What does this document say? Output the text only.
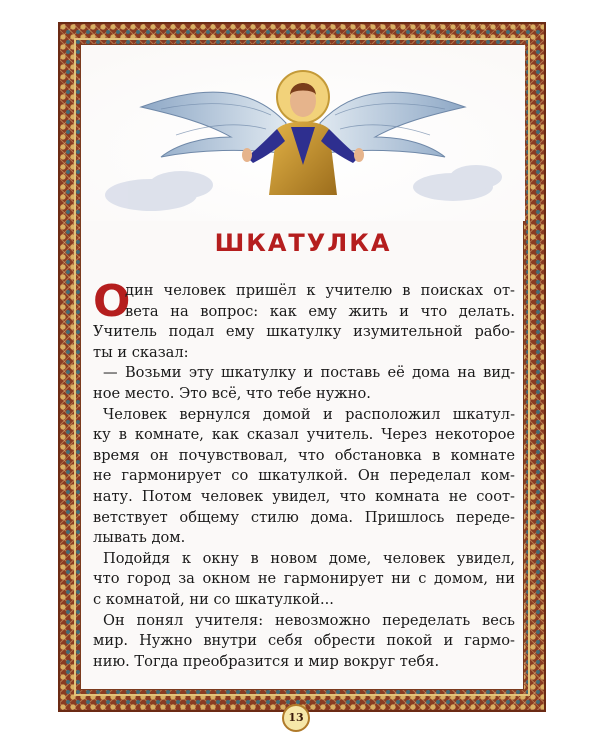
ШКАТУЛКА
О
дин человек пришёл к учителю в поисках от-
вета на вопрос: как ему жить и что делать.
Учитель подал ему шкатулку изумительной рабо-
ты и сказал:
— Возьми эту шкатулку и поставь её дома на вид-
ное место. Это всё, что тебе нужно.
Человек вернулся домой и расположил шкатул-
ку в комнате, как сказал учитель. Через некоторое
время он почувствовал, что обстановка в комнате
не гармонирует со шкатулкой. Он переделал ком-
нату. Потом человек увидел, что комната не соот-
ветствует общему стилю дома. Пришлось переде-
лывать дом.
Подойдя к окну в новом доме, человек увидел,
что город за окном не гармонирует ни с домом, ни
с комнатой, ни со шкатулкой...
Он понял учителя: невозможно переделать весь
мир. Нужно внутри себя обрести покой и гармо-
нию. Тогда преобразится и мир вокруг тебя.
13
